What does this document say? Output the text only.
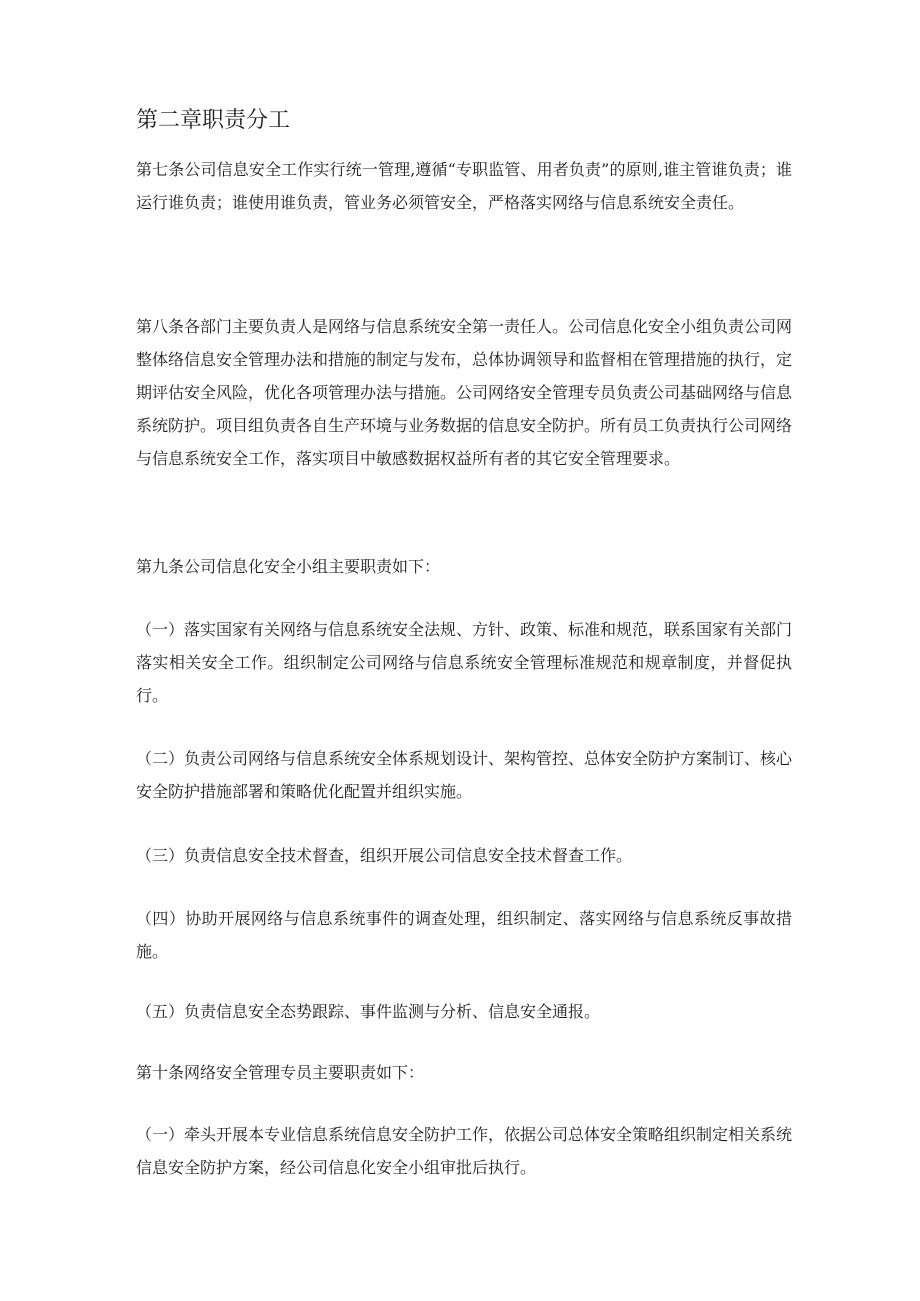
第二章职责分工

第七条公司信息安全工作实行统一管理,遵循“专职监管、用者负责”的原则,谁主管谁负责；谁运行谁负责；谁使用谁负责，管业务必须管安全，严格落实网络与信息系统安全责任。

第八条各部门主要负责人是网络与信息系统安全第一责任人。公司信息化安全小组负责公司网整体络信息安全管理办法和措施的制定与发布，总体协调领导和监督相在管理措施的执行，定期评估安全风险，优化各项管理办法与措施。公司网络安全管理专员负责公司基础网络与信息系统防护。项目组负责各自生产环境与业务数据的信息安全防护。所有员工负责执行公司网络与信息系统安全工作，落实项目中敏感数据权益所有者的其它安全管理要求。

第九条公司信息化安全小组主要职责如下：

（一）落实国家有关网络与信息系统安全法规、方针、政策、标准和规范，联系国家有关部门落实相关安全工作。组织制定公司网络与信息系统安全管理标准规范和规章制度，并督促执行。

（二）负责公司网络与信息系统安全体系规划设计、架构管控、总体安全防护方案制订、核心安全防护措施部署和策略优化配置并组织实施。

（三）负责信息安全技术督查，组织开展公司信息安全技术督查工作。

（四）协助开展网络与信息系统事件的调查处理，组织制定、落实网络与信息系统反事故措施。

（五）负责信息安全态势跟踪、事件监测与分析、信息安全通报。

第十条网络安全管理专员主要职责如下：

（一）牵头开展本专业信息系统信息安全防护工作，依据公司总体安全策略组织制定相关系统信息安全防护方案，经公司信息化安全小组审批后执行。
